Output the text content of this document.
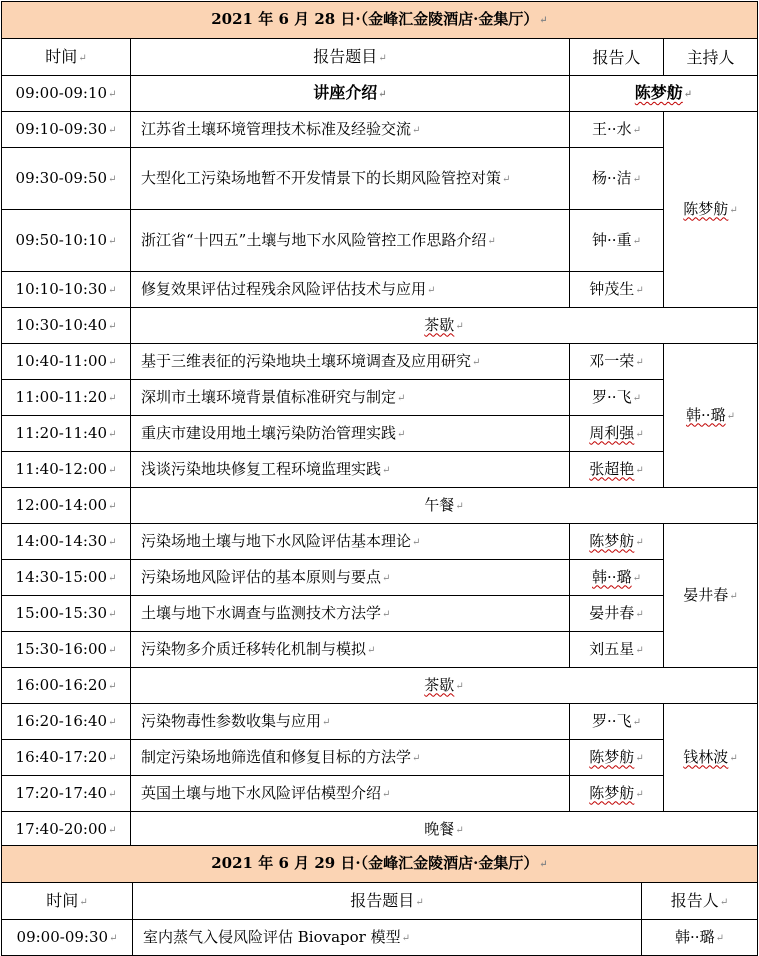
2021 年 6 月 28 日·（金峰汇金陵酒店·金集厅） ↵
时间 ↵	报告题目 ↵	报告人	主持人
09:00-09:10 ↵	讲座介绍 ↵	陈梦舫 ↵
09:10-09:30 ↵	江苏省土壤环境管理技术标准及经验交流 ↵	王··水 ↵	陈梦舫 ↵
09:30-09:50 ↵	大型化工污染场地暂不开发情景下的长期风险管控对策 ↵	杨··洁 ↵
09:50-10:10 ↵	浙江省“十四五”土壤与地下水风险管控工作思路介绍 ↵	钟··重 ↵
10:10-10:30 ↵	修复效果评估过程残余风险评估技术与应用 ↵	钟茂生 ↵
10:30-10:40 ↵	茶歇 ↵
10:40-11:00 ↵	基于三维表征的污染地块土壤环境调查及应用研究 ↵	邓一荣 ↵	韩··璐 ↵
11:00-11:20 ↵	深圳市土壤环境背景值标准研究与制定 ↵	罗··飞 ↵
11:20-11:40 ↵	重庆市建设用地土壤污染防治管理实践 ↵	周利强 ↵
11:40-12:00 ↵	浅谈污染地块修复工程环境监理实践 ↵	张超艳 ↵
12:00-14:00 ↵	午餐 ↵
14:00-14:30 ↵	污染场地土壤与地下水风险评估基本理论 ↵	陈梦舫 ↵	晏井春 ↵
14:30-15:00 ↵	污染场地风险评估的基本原则与要点 ↵	韩··璐 ↵
15:00-15:30 ↵	土壤与地下水调查与监测技术方法学 ↵	晏井春 ↵
15:30-16:00 ↵	污染物多介质迁移转化机制与模拟 ↵	刘五星 ↵
16:00-16:20 ↵	茶歇 ↵
16:20-16:40 ↵	污染物毒性参数收集与应用 ↵	罗··飞 ↵	钱林波 ↵
16:40-17:20 ↵	制定污染场地筛选值和修复目标的方法学 ↵	陈梦舫 ↵
17:20-17:40 ↵	英国土壤与地下水风险评估模型介绍 ↵	陈梦舫 ↵
17:40-20:00 ↵	晚餐 ↵
2021 年 6 月 29 日·（金峰汇金陵酒店·金集厅） ↵
时间 ↵	报告题目 ↵	报告人 ↵
09:00-09:30 ↵	室内蒸气入侵风险评估 Biovapor 模型 ↵	韩··璐 ↵
